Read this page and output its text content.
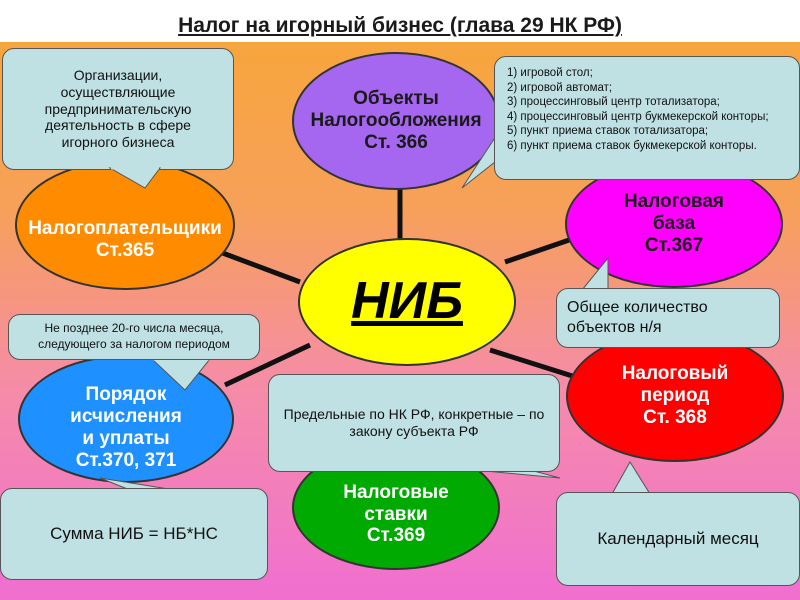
Налог на игорный бизнес (глава 29 НК РФ)
Объекты
Налогообложения
Ст. 366
Налоговая
база
Ст.367
Налоговый
период
Ст. 368
Налоговые
ставки
Ст.369
Порядок
исчисления
и уплаты
Ст.370, 371
Налогоплательщики
Ст.365
НИБ
Организации, осуществляющие предпринимательскую деятельность в сфере игорного бизнеса
1) игровой стол;
2) игровой автомат;
3) процессинговый центр тотализатора;
4) процессинговый центр букмекерской конторы;
5) пункт приема ставок тотализатора;
6) пункт приема ставок букмекерской конторы.
Общее количество объектов н/я
Не позднее 20-го числа месяца, следующего за налогом периодом
Предельные по НК РФ, конкретные – по закону субъекта РФ
Сумма НИБ = НБ*НС	Календарный месяц
